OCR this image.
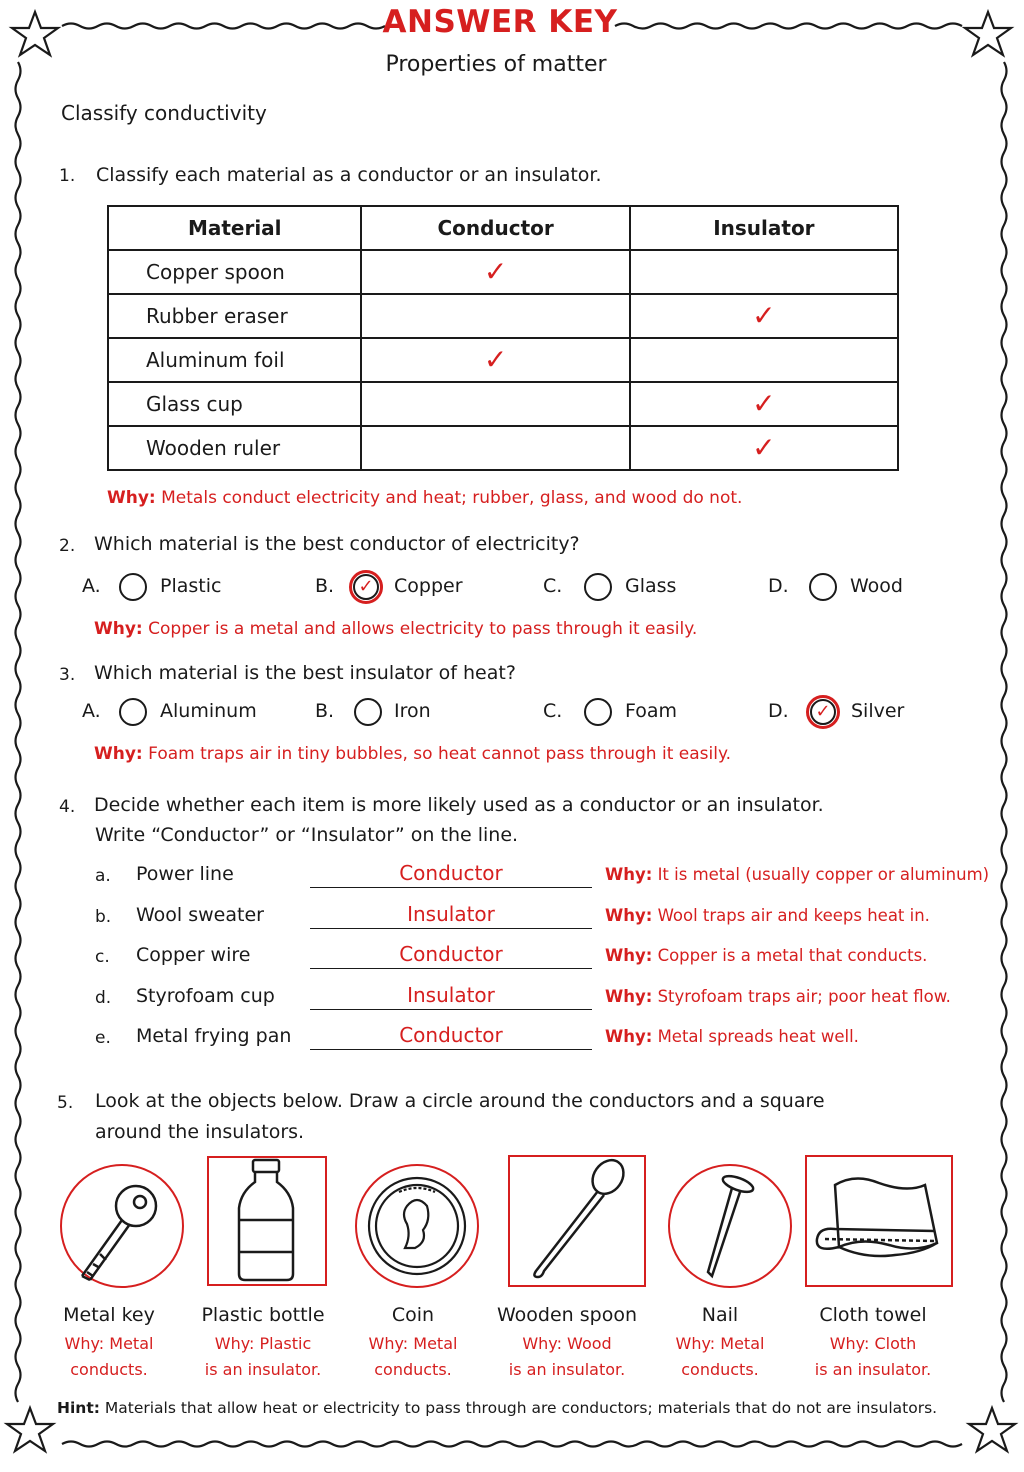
ANSWER KEY
Properties of matter
Classify conductivity
1. Classify each material as a conductor or an insulator.
Material	Conductor	Insulator
Copper spoon	✓	
Rubber eraser		✓
Aluminum foil	✓	
Glass cup		✓
Wooden ruler		✓
Why: Metals conduct electricity and heat; rubber, glass, and wood do not.
2. Which material is the best conductor of electricity?
A.	Plastic	B.	✓ Copper	C.	Glass	D.	Wood
Why: Copper is a metal and allows electricity to pass through it easily.
3. Which material is the best insulator of heat?
A.	Aluminum	B.	Iron	C.	Foam	D.	✓ Silver
Why: Foam traps air in tiny bubbles, so heat cannot pass through it easily.
4. Decide whether each item is more likely used as a conductor or an insulator.
Write “Conductor” or “Insulator” on the line.
a. Power line	Conductor	Why: It is metal (usually copper or aluminum)
b. Wool sweater	Insulator	Why: Wool traps air and keeps heat in.
c. Copper wire	Conductor	Why: Copper is a metal that conducts.
d. Styrofoam cup	Insulator	Why: Styrofoam traps air; poor heat flow.
e. Metal frying pan	Conductor	Why: Metal spreads heat well.
5. Look at the objects below. Draw a circle around the conductors and a square
around the insulators.
Metal key
Why: Metal
conducts.
Plastic bottle
Why: Plastic
is an insulator.
Coin
Why: Metal
conducts.
Wooden spoon
Why: Wood
is an insulator.
Nail
Why: Metal
conducts.
Cloth towel
Why: Cloth
is an insulator.
Hint: Materials that allow heat or electricity to pass through are conductors; materials that do not are insulators.
